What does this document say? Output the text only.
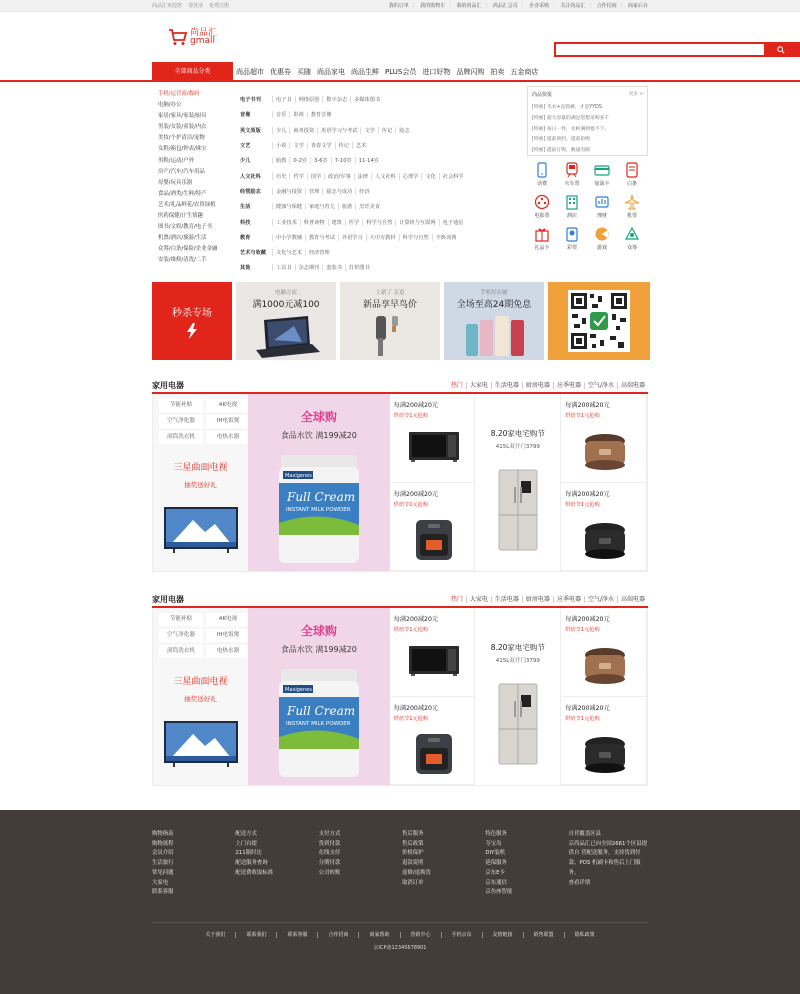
尚品汇欢迎您 请登录 免费注册	我的订单 | 我的购物车 | 我的尚品汇 | 尚品汇会员 | 企业采购 | 关注尚品汇 | 合作招商 | 商家后台
尚品汇
gmall
全部商品分类	尚品超市 优惠券 买随 尚品家电 尚品生鲜 PLUS会员 进口好物 品牌闪购 拍卖 五金商店
手机/运营商/数码
电脑/办公
家居/家具/家装/厨具
男装/女装/童装/内衣
美妆/个护清洁/宠物
女鞋/箱包/钟表/珠宝
男鞋/运动/户外
房产/汽车/汽车用品
母婴/玩具乐器
食品/酒类/生鲜/特产
艺术/礼品鲜花/农资绿植
医药保健/计生情趣
图书/文娱/教育/电子书
机票/酒店/旅游/生活
众筹/白条/保险/企业金融
安装/维修/清洗/二手
电子书刊	电子书	网络原创	数字杂志	多媒体图书
音像	音乐	影视	教育音像
英文原版	少儿	商务投资	英语学习与考试	文学	传记	励志
文艺	小说	文学	青春文学	传记	艺术
少儿	胎教	0-2岁	3-6岁	7-10岁	11-14岁
人文社科	历史	哲学	国学	政治/军事	法律	人文社科	心理学	文化	社会科学
经管励志	金融与投资	管理	励志与成功	经济
生活	健康与保健	家庭与育儿	旅游	烹饪美食
科技	工业技术	科普读物	建筑	医学	科学与自然	计算机与互联网	电子通信
教育	中小学教辅	教育与考试	外语学习	大中专教材	科学与自然	字典词典
艺术与收藏	文化与艺术	经济管理
其他	工具书	杂志期刊	套装书	打折图书
尚品快报	更多 >
[特惠] 毛衣+直筒裤，才是YYDS.
[特惠] 超大容量的满足您想采购多千
[特惠] 每日一件，衣柜满到塞不下。
[特惠] 提前预约，提前抢购
[特惠] 提前订购，数量有限
话费	火车票	加油卡	白条
电影票	酒店	理财	机票
礼品卡	彩票	游戏	众筹
秒杀专场
电脑万店
满1000元减100
上新了 京造
新品享早鸟价
手机好店铺
全场至高24期免息
家用电器	热门	大家电	生活电器	厨房电器	应季电器	空气/净水	高端电器
节能补贴	4K电视
空气净化器	IH电饭煲
滚筒洗衣机	电热水器
三星曲面电视
抽奖送好礼
全球购
食品水饮 满199减20
Maxigenes
Full Cream
INSTANT MILK POWDER
每满200减20元
烘焙节1元抢购
每满200减20元
烘焙节1元抢购
8.20家电宅购节
415L双开门3799
每满200减20元
烘焙节1元抢购
每满200减20元
烘焙节1元抢购
家用电器	热门	大家电	生活电器	厨房电器	应季电器	空气/净水	高端电器
节能补贴	4K电视
空气净化器	IH电饭煲
滚筒洗衣机	电热水器
三星曲面电视
抽奖送好礼
全球购
食品水饮 满199减20
Maxigenes
Full Cream
INSTANT MILK POWDER
每满200减20元
烘焙节1元抢购
每满200减20元
烘焙节1元抢购
8.20家电宅购节
415L双开门3799
每满200减20元
烘焙节1元抢购
每满200减20元
烘焙节1元抢购
购物指南
购物流程
会员介绍
生活旅行
常见问题
大家电
联系客服
配送方式
上门自提
211限时达
配送服务查询
配送费收取标准
支付方式
货到付款
在线支付
分期付款
公司转账
售后服务
售后政策
价格保护
退款说明
返修/退换货
取消订单
特色服务
夺宝岛
DIY装机
延保服务
京东E卡
京东通信
京鱼座智能
自营覆盖区县
京尚品汇已向全国2661个区县提供自 营配送服务，支持货到付款、POS 机刷卡和售后上门服务。
查看详情
关于我们	联系我们	联系客服	合作招商	商家帮助	营销中心	手机京东	友情链接	销售联盟	隐私政策
京ICP备12345678901
